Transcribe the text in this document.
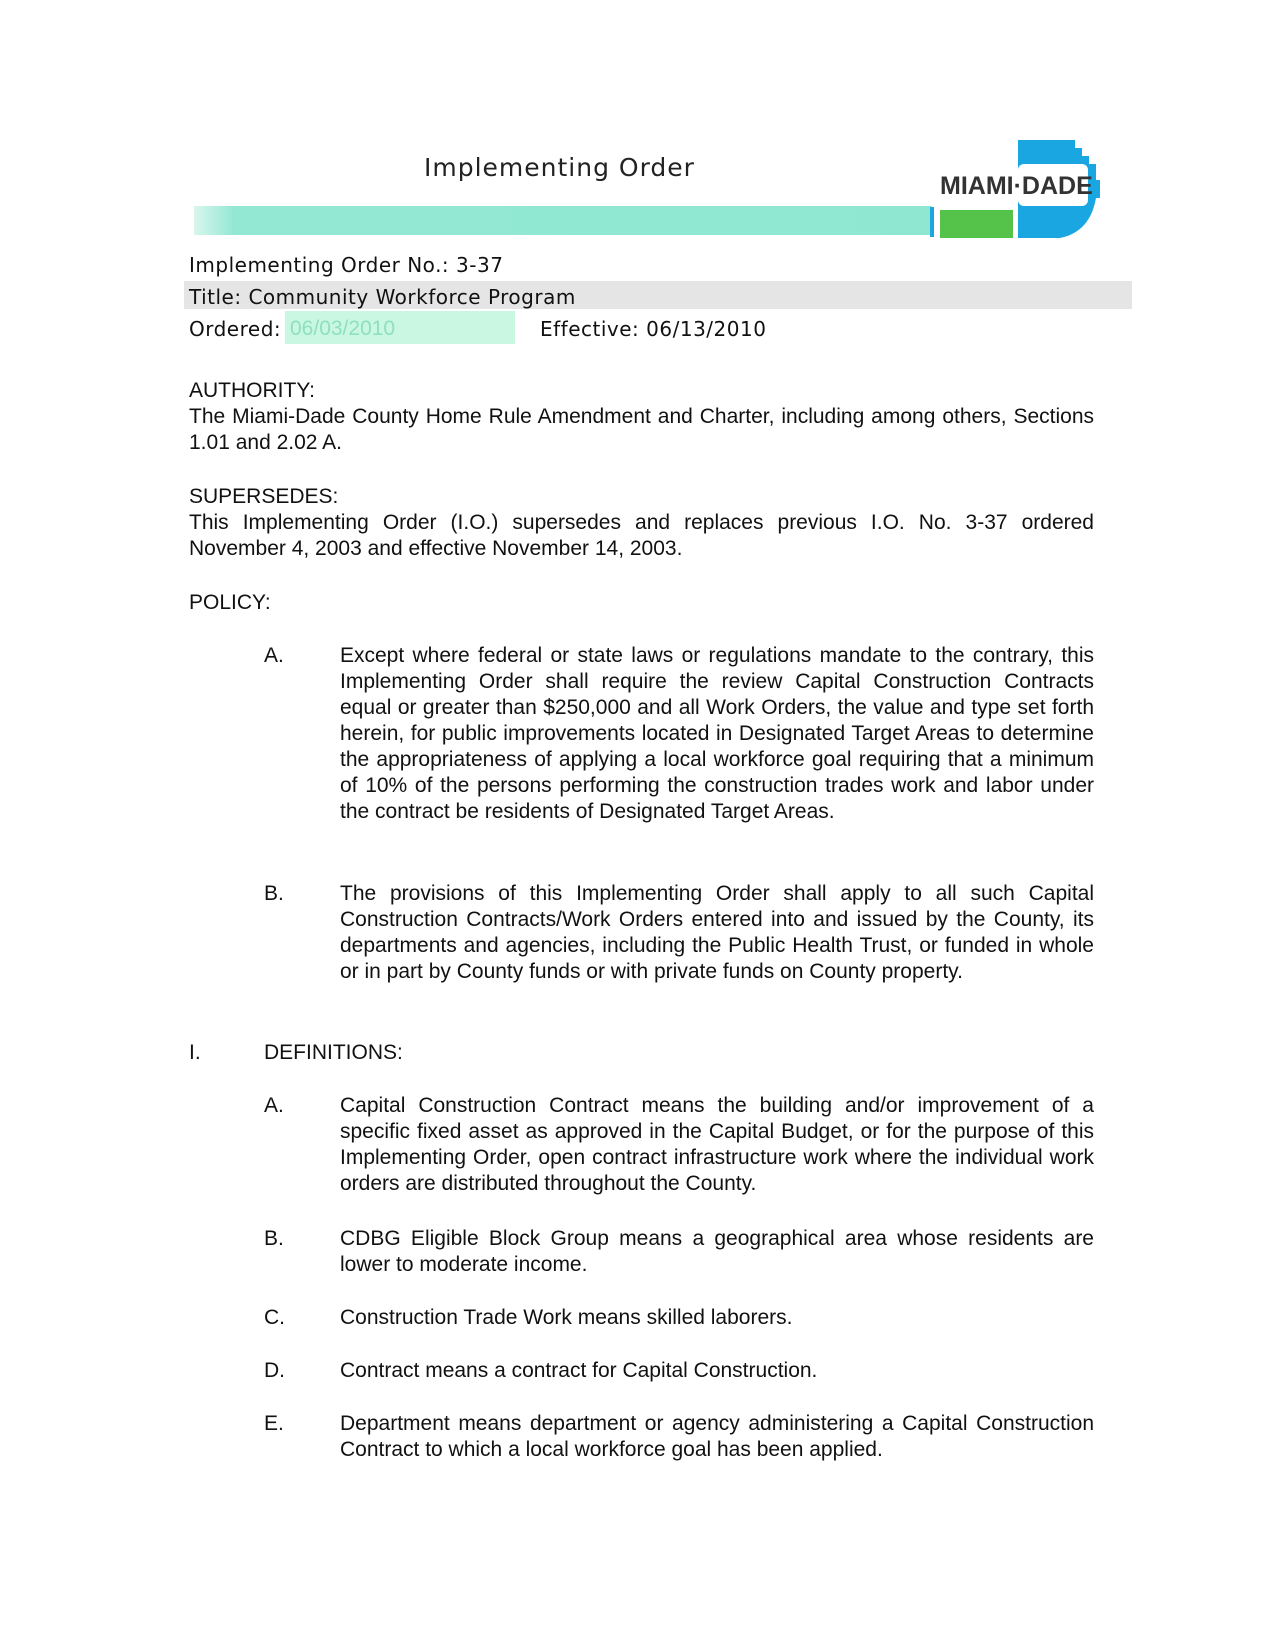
Implementing Order
MIAMI·DADE
Implementing Order No.: 3-37
Title: Community Workforce Program
Ordered: 06/03/2010	Effective: 06/13/2010
AUTHORITY:
The Miami-Dade County Home Rule Amendment and Charter, including among others, Sections 1.01 and 2.02 A.
SUPERSEDES:
This Implementing Order (I.O.) supersedes and replaces previous I.O. No. 3-37 ordered November 4, 2003 and effective November 14, 2003.
POLICY:
A.	Except where federal or state laws or regulations mandate to the contrary, this Implementing Order shall require the review Capital Construction Contracts equal or greater than $250,000 and all Work Orders, the value and type set forth herein, for public improvements located in Designated Target Areas to determine the appropriateness of applying a local workforce goal requiring that a minimum of 10% of the persons performing the construction trades work and labor under the contract be residents of Designated Target Areas.
B.	The provisions of this Implementing Order shall apply to all such Capital Construction Contracts/Work Orders entered into and issued by the County, its departments and agencies, including the Public Health Trust, or funded in whole or in part by County funds or with private funds on County property.
I.	DEFINITIONS:
A.	Capital Construction Contract means the building and/or improvement of a specific fixed asset as approved in the Capital Budget, or for the purpose of this Implementing Order, open contract infrastructure work where the individual work orders are distributed throughout the County.
B.	CDBG Eligible Block Group means a geographical area whose residents are lower to moderate income.
C.	Construction Trade Work means skilled laborers.
D.	Contract means a contract for Capital Construction.
E.	Department means department or agency administering a Capital Construction Contract to which a local workforce goal has been applied.
